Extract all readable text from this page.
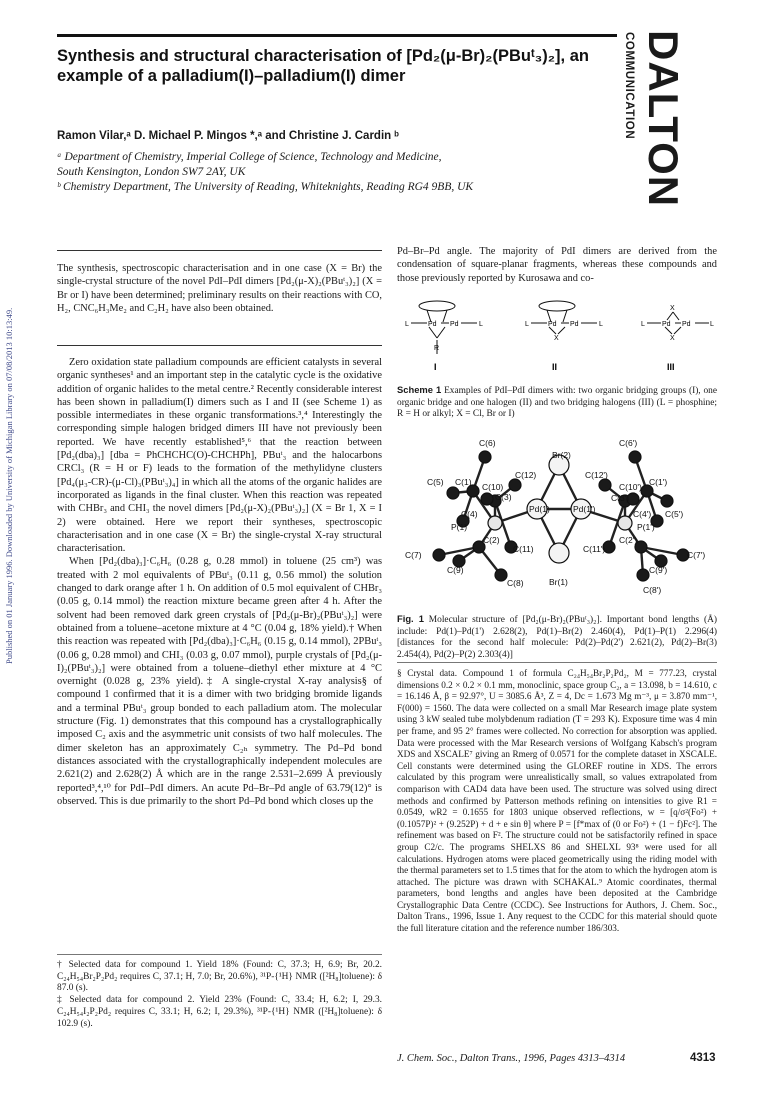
Published on 01 January 1996. Downloaded by University of Michigan Library on 07/08/2013 10:13:49.
Synthesis and structural characterisation of [Pd₂(μ-Br)₂(PBuᵗ₃)₂], an example of a palladium(I)–palladium(I) dimer	COMMUNICATION DALTON
Ramon Vilar,ᵃ D. Michael P. Mingos *,ᵃ and Christine J. Cardin ᵇ
ᵃ Department of Chemistry, Imperial College of Science, Technology and Medicine,
South Kensington, London SW7 2AY, UK
ᵇ Chemistry Department, The University of Reading, Whiteknights, Reading RG4 9BB, UK
The synthesis, spectroscopic characterisation and in one case (X = Br) the single-crystal structure of the novel PdI–PdI dimers [Pd₂(μ-X)₂(PBuᵗ₃)₂] (X = Br or I) have been determined; preliminary results on their reactions with CO, H₂, CNC₆H₃Me₂ and C₂H₂ have also been obtained.

Zero oxidation state palladium compounds are efficient catalysts in several organic syntheses¹ and an important step in the catalytic cycle is the oxidative addition of organic halides to the metal centre.² Recently considerable interest has been shown in palladium(I) dimers such as I and II (see Scheme 1) as possible intermediates in these organic transformations.³,⁴ Interestingly the corresponding simple halogen bridged dimers III have not previously been reported. We have recently established⁵,⁶ that the reaction between [Pd₂(dba)₃] [dba = PhCHCHC(O)-CHCHPh], PBuᵗ₃ and the halocarbons CRCl₃ (R = H or F) leads to the formation of the methylidyne clusters [Pd₄(μ₃-CR)-(μ-Cl)₃(PBuᵗ₃)₄] in which all the atoms of the organic halides are incorporated as ligands in the final cluster. When this reaction was repeated with CHBr₃ and CHI₃ the novel dimers [Pd₂(μ-X)₂(PBuᵗ₃)₂] (X = Br 1, X = I 2) were obtained. Here we report their syntheses, spectroscopic characterisation and in one case (X = Br) the single-crystal X-ray structural characterisation.

When [Pd₂(dba)₃]·C₆H₆ (0.28 g, 0.28 mmol) in toluene (25 cm³) was treated with 2 mol equivalents of PBuᵗ₃ (0.11 g, 0.56 mmol) the solution changed to dark orange after 1 h. On addition of 0.5 mol equivalent of CHBr₃ (0.05 g, 0.14 mmol) the reaction mixture became green after 4 h. After the solvent had been removed dark green crystals of [Pd₂(μ-Br)₂(PBuᵗ₃)₂] were obtained from a toluene–acetone mixture at 4 °C (0.04 g, 18% yield).† When this reaction was repeated with [Pd₂(dba)₃]·C₆H₆ (0.15 g, 0.14 mmol), 2PBuᵗ₃ (0.06 g, 0.28 mmol) and CHI₃ (0.03 g, 0.07 mmol), purple crystals of [Pd₂(μ-I)₂(PBuᵗ₃)₂] were obtained from a toluene–diethyl ether mixture at 4 °C overnight (0.028 g, 23% yield).‡ A single-crystal X-ray analysis§ of compound 1 confirmed that it is a dimer with two bridging bromide ligands and a terminal PBuᵗ₃ group bonded to each palladium atom. The molecular structure (Fig. 1) demonstrates that this compound has a crystallographically imposed C₂ axis and the asymmetric unit consists of two half molecules. The dimer skeleton has an approximately C₂ₕ symmetry. The Pd–Pd bond distances associated with the crystallographically independent molecules are 2.621(2) and 2.628(2) Å which are in the range 2.531–2.699 Å previously reported³,⁴,¹⁰ for PdI–PdI dimers. An acute Pd–Br–Pd angle of 63.79(12)° is observed. This is due primarily to the short Pd–Pd bond which closes up the

† Selected data for compound 1. Yield 18% (Found: C, 37.3; H, 6.9; Br, 20.2. C₂₄H₅₄Br₂P₂Pd₂ requires C, 37.1; H, 7.0; Br, 20.6%), ³¹P-{¹H} NMR ([²H₈]toluene): δ 87.0 (s).

‡ Selected data for compound 2. Yield 23% (Found: C, 33.4; H, 6.2; I, 29.3. C₂₄H₅₄I₂P₂Pd₂ requires C, 33.1; H, 6.2; I, 29.3%), ³¹P-{¹H} NMR ([²H₈]toluene): δ 102.9 (s).

Pd–Br–Pd angle. The majority of PdI dimers are derived from the condensation of square-planar fragments, whereas these compounds and those previously reported by Kurosawa and co-
L	Pd Pd	L
R
L	Pd Pd	L
X
X
L Pd Pd	L
X
I	II	III
Scheme 1 Examples of PdI–PdI dimers with: two organic bridging groups (I), one organic bridge and one halogen (II) and two bridging halogens (III) (L = phosphine; R = H or alkyl; X = Cl, Br or I)
C(6)	C(6')
Br(2)
C(12)	C(12')
C(5) C(1) C(10)	C(10') C(1')
C(3)	C(3')
C(4)	Pd(1)	Pd(1')	C(4') C(5')
P(1)	P(1')
C(2)	C(2')
C(11)	C(11')
C(7)	C(7')
C(9)	C(9')
C(8)	Br(1)
C(8')
Fig. 1 Molecular structure of [Pd₂(μ-Br)₂(PBuᵗ₃)₂]. Important bond lengths (Å) include: Pd(1)–Pd(1') 2.628(2), Pd(1)–Br(2) 2.460(4), Pd(1)–P(1) 2.296(4) [distances for the second half molecule: Pd(2)–Pd(2') 2.621(2), Pd(2)–Br(3) 2.454(4), Pd(2)–P(2) 2.303(4)]
§ Crystal data. Compound 1 of formula C₂₄H₅₄Br₂P₂Pd₂, M = 777.23, crystal dimensions 0.2 × 0.2 × 0.1 mm, monoclinic, space group C₂, a = 13.098, b = 14.610, c = 16.146 Å, β = 92.97°, U = 3085.6 Å³, Z = 4, Dc = 1.673 Mg m⁻³, μ = 3.870 mm⁻¹, F(000) = 1560. The data were collected on a small Mar Research image plate system using 3 kW sealed tube molybdenum radiation (T = 293 K). Exposure time was 4 min per frame, and 95 2° frames were collected. No correction for absorption was applied. Data were processed with the Mar Research versions of Wolfgang Kabsch's program XDS and XSCALE⁷ giving an Rmerg of 0.0571 for the complete dataset in XSCALE. Cell constants were determined using the GLOREF routine in XDS. The errors calculated by this program were unrealistically small, so values extrapolated from comparison with CAD4 data have been used. The structure was solved using direct methods and confirmed by Patterson methods refining on intensities to give R1 = 0.0549, wR2 = 0.1655 for 1803 unique observed reflections, w = [q/σ²(Fo²) + (0.1057P)² + (9.252P) + d + e sin θ] where P = [f*max of (0 or Fo²) + (1 − f)Fc²]. The refinement was based on F². The structure could not be satisfactorily refined in space group C2/c. The programs SHELXS 86 and SHELXL 93⁸ were used for all calculations. Hydrogen atoms were placed geometrically using the riding model with the thermal parameters set to 1.5 times that for the atom to which the hydrogen atom is attached. The picture was drawn with SCHAKAL.⁹ Atomic coordinates, thermal parameters, bond lengths and angles have been deposited at the Cambridge Crystallographic Data Centre (CCDC). See Instructions for Authors, J. Chem. Soc., Dalton Trans., 1996, Issue 1. Any request to the CCDC for this material should quote the full literature citation and the reference number 186/303.
J. Chem. Soc., Dalton Trans., 1996, Pages 4313–4314	4313
